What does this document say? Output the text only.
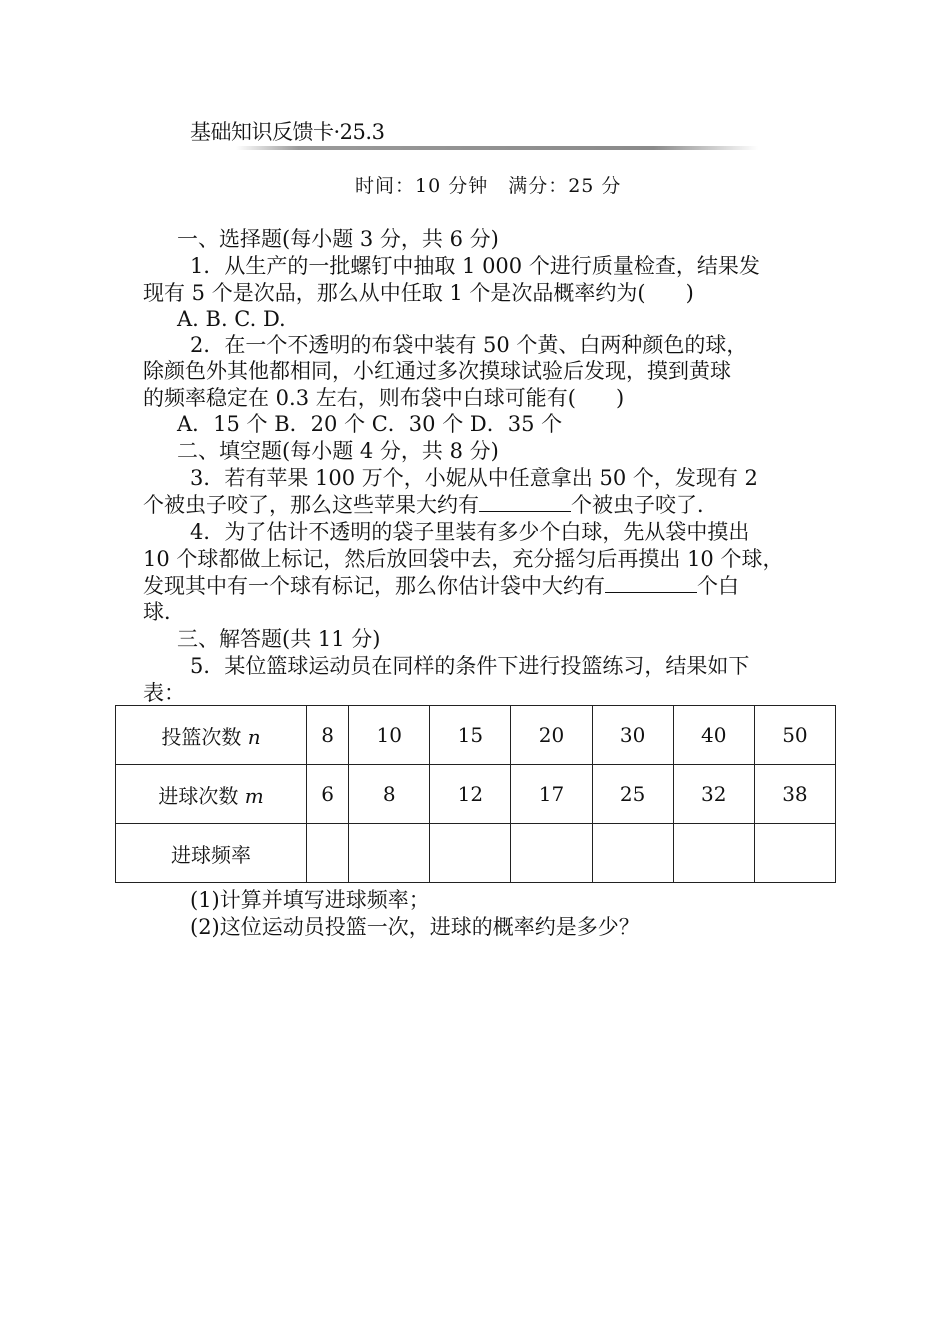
基础知识反馈卡·25.3
时间：10 分钟　满分：25 分
一、选择题(每小题 3 分，共 6 分)
1．从生产的一批螺钉中抽取 1 000 个进行质量检查，结果发
现有 5 个是次品，那么从中任取 1 个是次品概率约为( )
A. B. C. D.
2．在一个不透明的布袋中装有 50 个黄、白两种颜色的球，
除颜色外其他都相同，小红通过多次摸球试验后发现，摸到黄球
的频率稳定在 0.3 左右，则布袋中白球可能有( )
A．15 个 B．20 个 C．30 个 D．35 个
二、填空题(每小题 4 分，共 8 分)
3．若有苹果 100 万个，小妮从中任意拿出 50 个，发现有 2
个被虫子咬了，那么这些苹果大约有	个被虫子咬了．
4．为了估计不透明的袋子里装有多少个白球，先从袋中摸出
10 个球都做上标记，然后放回袋中去，充分摇匀后再摸出 10 个球，
发现其中有一个球有标记，那么你估计袋中大约有	个白
球．
三、解答题(共 11 分)
5．某位篮球运动员在同样的条件下进行投篮练习，结果如下
表：
投篮次数 n	8	10	15	20	30	40	50
进球次数 m	6	8	12	17	25	32	38
进球频率							
(1)计算并填写进球频率；
(2)这位运动员投篮一次，进球的概率约是多少？
